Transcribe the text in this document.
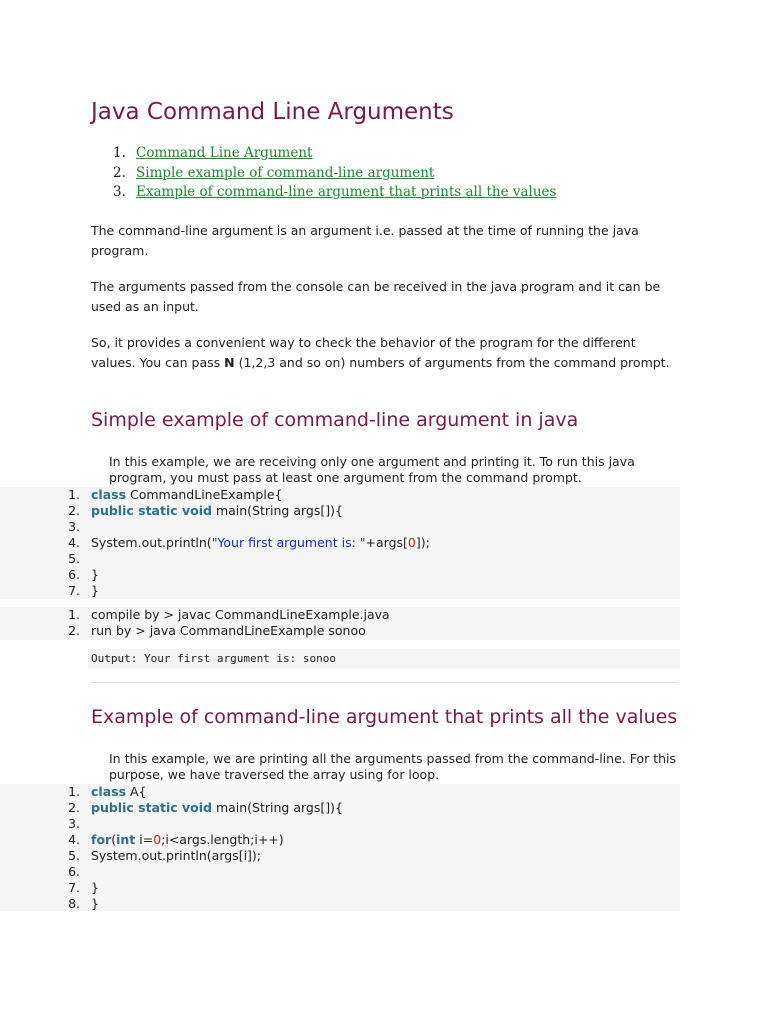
Java Command Line Arguments
1. Command Line Argument
2. Simple example of command-line argument
3. Example of command-line argument that prints all the values
The command-line argument is an argument i.e. passed at the time of running the java program.
The arguments passed from the console can be received in the java program and it can be used as an input.
So, it provides a convenient way to check the behavior of the program for the different values. You can pass N (1,2,3 and so on) numbers of arguments from the command prompt.
Simple example of command-line argument in java
In this example, we are receiving only one argument and printing it. To run this java program, you must pass at least one argument from the command prompt.
1. class CommandLineExample{
2. public static void main(String args[]){
3.
4. System.out.println("Your first argument is: "+args[0]);
5.
6. }
7. }
1. compile by > javac CommandLineExample.java
2. run by > java CommandLineExample sonoo
Output: Your first argument is: sonoo
Example of command-line argument that prints all the values
In this example, we are printing all the arguments passed from the command-line. For this purpose, we have traversed the array using for loop.
1. class A{
2. public static void main(String args[]){
3.
4. for(int i=0;i<args.length;i++)
5. System.out.println(args[i]);
6.
7. }
8. }
